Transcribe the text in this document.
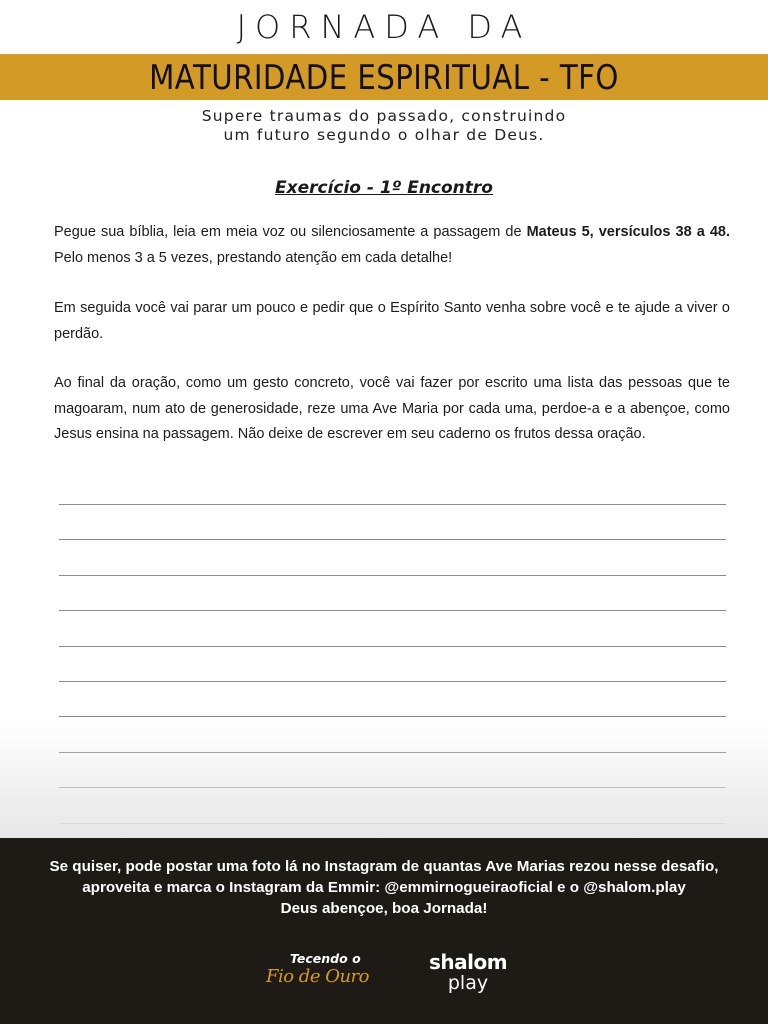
JORNADA DA
MATURIDADE ESPIRITUAL - TFO
Supere traumas do passado, construindo
um futuro segundo o olhar de Deus.
Exercício - 1º Encontro
Pegue sua bíblia, leia em meia voz ou silenciosamente a passagem de Mateus 5, versículos 38 a 48. Pelo menos 3 a 5 vezes, prestando atenção em cada detalhe!
Em seguida você vai parar um pouco e pedir que o Espírito Santo venha sobre você e te ajude a viver o perdão.
Ao final da oração, como um gesto concreto, você vai fazer por escrito uma lista das pessoas que te magoaram, num ato de generosidade, reze uma Ave Maria por cada uma, perdoe-a e a abençoe, como Jesus ensina na passagem. Não deixe de escrever em seu caderno os frutos dessa oração.
Se quiser, pode postar uma foto lá no Instagram de quantas Ave Marias rezou nesse desafio,
aproveita e marca o Instagram da Emmir: @emmirnogueiraoficial e o @shalom.play
Deus abençoe, boa Jornada!
Tecendo o
Fio de Ouro
shalom
play
